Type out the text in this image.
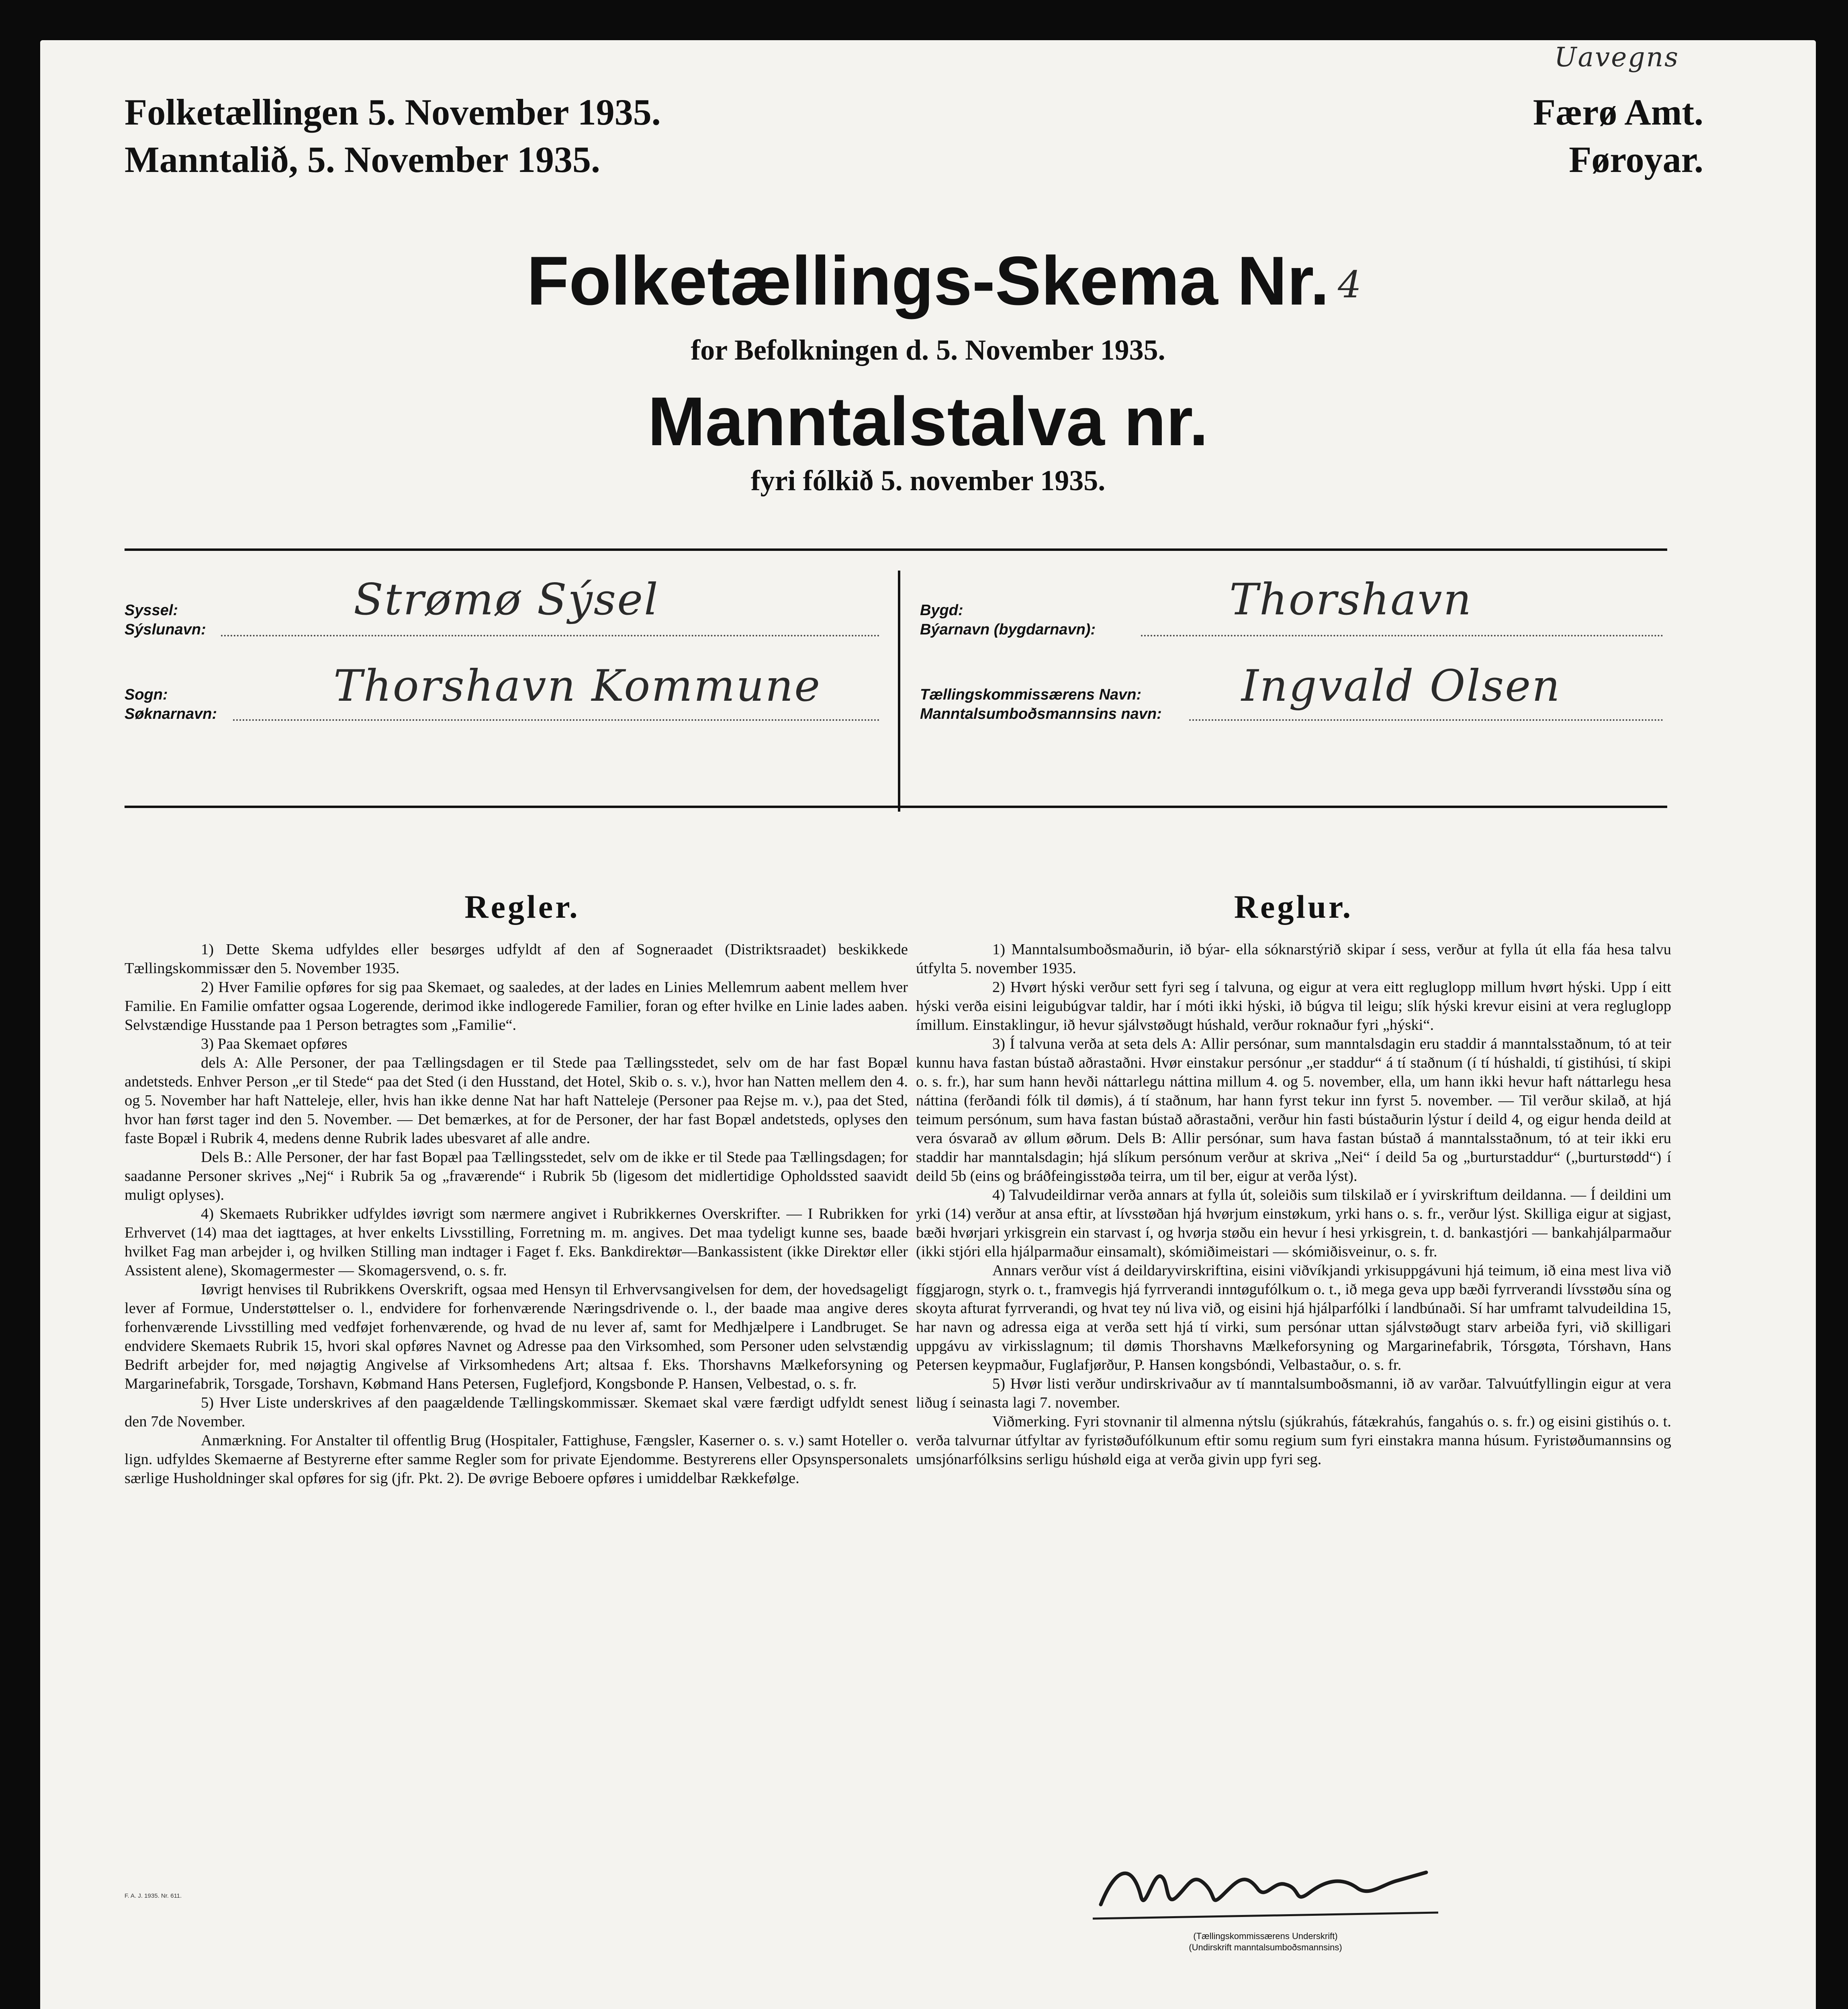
Folketællingen 5. November 1935.
Manntalið, 5. November 1935.
Uavegns
Færø Amt.
Føroyar.
Folketællings-Skema Nr. 4
for Befolkningen d. 5. November 1935.
Manntalstalva nr.
fyri fólkið 5. november 1935.
Syssel:
Sýslunavn:
Strømø Sýsel
Sogn:
Søknarnavn:
Thorshavn Kommune
Bygd:
Býarnavn (bygdarnavn):
Thorshavn
Tællingskommissærens Navn:
Manntalsumboðsmannsins navn:
Ingvald Olsen
Regler.

1) Dette Skema udfyldes eller besørges udfyldt af den af Sogneraadet (Distriktsraadet) beskikkede Tællingskommissær den 5. November 1935.

2) Hver Familie opføres for sig paa Skemaet, og saaledes, at der lades en Linies Mellemrum aabent mellem hver Familie. En Familie omfatter ogsaa Logerende, derimod ikke indlogerede Familier, foran og efter hvilke en Linie lades aaben. Selvstændige Husstande paa 1 Person betragtes som „Familie“.

3) Paa Skemaet opføres

dels A: Alle Personer, der paa Tællingsdagen er til Stede paa Tællingsstedet, selv om de har fast Bopæl andetsteds. Enhver Person „er til Stede“ paa det Sted (i den Husstand, det Hotel, Skib o. s. v.), hvor han Natten mellem den 4. og 5. November har haft Natteleje, eller, hvis han ikke denne Nat har haft Natteleje (Personer paa Rejse m. v.), paa det Sted, hvor han først tager ind den 5. November. — Det bemærkes, at for de Personer, der har fast Bopæl andetsteds, oplyses den faste Bopæl i Rubrik 4, medens denne Rubrik lades ubesvaret af alle andre.

Dels B.: Alle Personer, der har fast Bopæl paa Tællingsstedet, selv om de ikke er til Stede paa Tællingsdagen; for saadanne Personer skrives „Nej“ i Rubrik 5a og „fraværende“ i Rubrik 5b (ligesom det midlertidige Opholdssted saavidt muligt oplyses).

4) Skemaets Rubrikker udfyldes iøvrigt som nærmere angivet i Rubrikkernes Overskrifter. — I Rubrikken for Erhvervet (14) maa det iagttages, at hver enkelts Livsstilling, Forretning m. m. angives. Det maa tydeligt kunne ses, baade hvilket Fag man arbejder i, og hvilken Stilling man indtager i Faget f. Eks. Bankdirektør—Bankassistent (ikke Direktør eller Assistent alene), Skomagermester — Skomagersvend, o. s. fr.

Iøvrigt henvises til Rubrikkens Overskrift, ogsaa med Hensyn til Erhvervsangivelsen for dem, der hovedsageligt lever af Formue, Understøttelser o. l., endvidere for forhenværende Næringsdrivende o. l., der baade maa angive deres forhenværende Livsstilling med vedføjet forhenværende, og hvad de nu lever af, samt for Medhjælpere i Landbruget. Se endvidere Skemaets Rubrik 15, hvori skal opføres Navnet og Adresse paa den Virksomhed, som Personer uden selvstændig Bedrift arbejder for, med nøjagtig Angivelse af Virksomhedens Art; altsaa f. Eks. Thorshavns Mælkeforsyning og Margarinefabrik, Torsgade, Torshavn, Købmand Hans Petersen, Fuglefjord, Kongsbonde P. Hansen, Velbestad, o. s. fr.

5) Hver Liste underskrives af den paagældende Tællingskommissær. Skemaet skal være færdigt udfyldt senest den 7de November.

Anmærkning. For Anstalter til offentlig Brug (Hospitaler, Fattighuse, Fængsler, Kaserner o. s. v.) samt Hoteller o. lign. udfyldes Skemaerne af Bestyrerne efter samme Regler som for private Ejendomme. Bestyrerens eller Opsynspersonalets særlige Husholdninger skal opføres for sig (jfr. Pkt. 2). De øvrige Beboere opføres i umiddelbar Rækkefølge.

Reglur.

1) Manntalsumboðsmaðurin, ið býar- ella sóknarstýrið skipar í sess, verður at fylla út ella fáa hesa talvu útfylta 5. november 1935.

2) Hvørt hýski verður sett fyri seg í talvuna, og eigur at vera eitt regluglopp millum hvørt hýski. Upp í eitt hýski verða eisini leigubúgvar taldir, har í móti ikki hýski, ið búgva til leigu; slík hýski krevur eisini at vera regluglopp ímillum. Einstaklingur, ið hevur sjálvstøðugt húshald, verður roknaður fyri „hýski“.

3) Í talvuna verða at seta dels A: Allir persónar, sum manntalsdagin eru staddir á manntalsstaðnum, tó at teir kunnu hava fastan bústað aðrastaðni. Hvør einstakur persónur „er staddur“ á tí staðnum (í tí húshaldi, tí gistihúsi, tí skipi o. s. fr.), har sum hann hevði náttarlegu náttina millum 4. og 5. november, ella, um hann ikki hevur haft náttarlegu hesa náttina (ferðandi fólk til dømis), á tí staðnum, har hann fyrst tekur inn fyrst 5. november. — Til verður skilað, at hjá teimum persónum, sum hava fastan bústað aðrastaðni, verður hin fasti bústaðurin lýstur í deild 4, og eigur henda deild at vera ósvarað av øllum øðrum. Dels B: Allir persónar, sum hava fastan bústað á manntalsstaðnum, tó at teir ikki eru staddir har manntalsdagin; hjá slíkum persónum verður at skriva „Nei“ í deild 5a og „burturstaddur“ („burturstødd“) í deild 5b (eins og bráðfeingisstøða teirra, um til ber, eigur at verða lýst).

4) Talvudeildirnar verða annars at fylla út, soleiðis sum tilskilað er í yvirskriftum deildanna. — Í deildini um yrki (14) verður at ansa eftir, at lívsstøðan hjá hvørjum einstøkum, yrki hans o. s. fr., verður lýst. Skilliga eigur at sigjast, bæði hvørjari yrkisgrein ein starvast í, og hvørja støðu ein hevur í hesi yrkisgrein, t. d. bankastjóri — bankahjálparmaður (ikki stjóri ella hjálparmaður einsamalt), skómiðimeistari — skómiðisveinur, o. s. fr.

Annars verður víst á deildaryvirskriftina, eisini viðvíkjandi yrkisuppgávuni hjá teimum, ið eina mest liva við fíggjarogn, styrk o. t., framvegis hjá fyrrverandi inntøgufólkum o. t., ið mega geva upp bæði fyrrverandi lívsstøðu sína og skoyta afturat fyrrverandi, og hvat tey nú liva við, og eisini hjá hjálparfólki í landbúnaði. Sí har umframt talvudeildina 15, har navn og adressa eiga at verða sett hjá tí virki, sum persónar uttan sjálvstøðugt starv arbeiða fyri, við skilligari uppgávu av virkisslagnum; til dømis Thorshavns Mælkeforsyning og Margarinefabrik, Tórsgøta, Tórshavn, Hans Petersen keypmaður, Fuglafjørður, P. Hansen kongsbóndi, Velbastaður, o. s. fr.

5) Hvør listi verður undirskrivaður av tí manntalsumboðsmanni, ið av varðar. Talvuútfyllingin eigur at vera liðug í seinasta lagi 7. november.

Viðmerking. Fyri stovnanir til almenna nýtslu (sjúkrahús, fátækrahús, fangahús o. s. fr.) og eisini gistihús o. t. verða talvurnar útfyltar av fyristøðufólkunum eftir somu regium sum fyri einstakra manna húsum. Fyristøðumannsins og umsjónarfólksins serligu húshøld eiga at verða givin upp fyri seg.

F. A. J. 1935. Nr. 611.
(Tællingskommissærens Underskrift)
(Undirskrift manntalsumboðsmannsins)
